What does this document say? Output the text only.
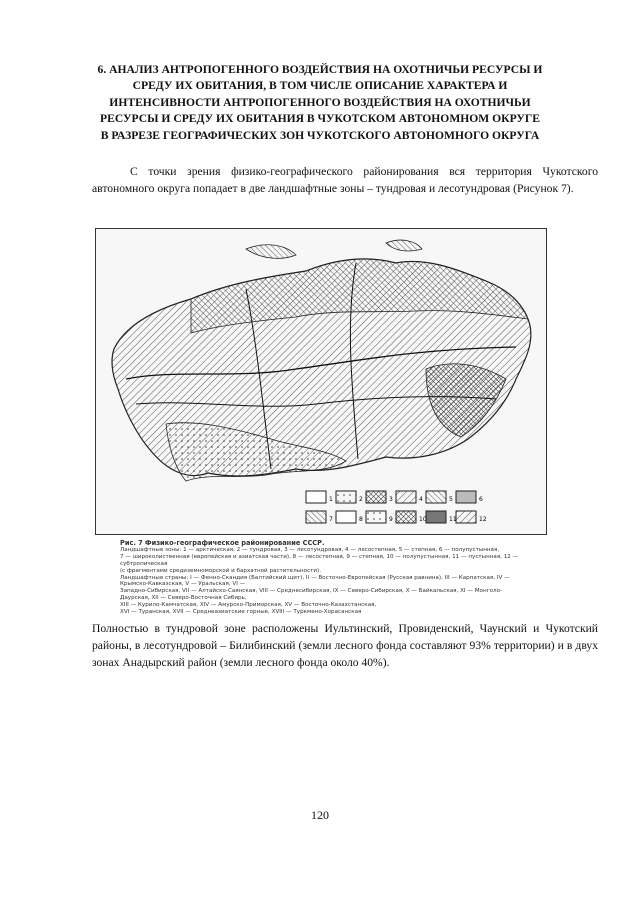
6. АНАЛИЗ АНТРОПОГЕННОГО ВОЗДЕЙСТВИЯ НА ОХОТНИЧЬИ РЕСУРСЫ И
СРЕДУ ИХ ОБИТАНИЯ, В ТОМ ЧИСЛЕ ОПИСАНИЕ ХАРАКТЕРА И
ИНТЕНСИВНОСТИ АНТРОПОГЕННОГО ВОЗДЕЙСТВИЯ НА ОХОТНИЧЬИ
РЕСУРСЫ И СРЕДУ ИХ ОБИТАНИЯ В ЧУКОТСКОМ АВТОНОМНОМ ОКРУГЕ
В РАЗРЕЗЕ ГЕОГРАФИЧЕСКИХ ЗОН ЧУКОТСКОГО АВТОНОМНОГО ОКРУГА
С точки зрения физико-географического районирования вся территория Чукотского автономного округа попадает в две ландшафтные зоны – тундровая и лесотундровая (Рисунок 7).
1	2	3	4	5	6
7	8	9	10	11	12
Рис. 7 Физико-географическое районирование СССР.
Ландшафтные зоны: 1 — арктическая, 2 — тундровая, 3 — лесотундровая, 4 — лесостепная, 5 — степная, 6 — полупустынная,
7 — широколиственная (европейская и азиатская части), 8 — лесостепная, 9 — степная, 10 — полупустынная, 11 — пустынная, 12 — субтропическая
(с фрагментами средиземноморской и бархатной растительности).
Ландшафтные страны: I — Фенно-Скандия (Балтийский щит), II — Восточно-Европейская (Русская равнина), III — Карпатская, IV — Крымско-Кавказская, V — Уральская, VI —
Западно-Сибирская, VII — Алтайско-Саянская, VIII — Среднесибирская, IX — Северо-Сибирская, X — Байкальская, XI — Монголо-Даурская, XII — Северо-Восточная Сибирь,
XIII — Курило-Камчатская, XIV — Амурско-Приморская, XV — Восточно-Казахстанская,
XVI — Туранская, XVII — Среднеазиатские горные, XVIII — Туркмено-Хорасанская
Полностью в тундровой зоне расположены Иультинский, Провиденский, Чаунский и Чукотский районы, в лесотундровой – Билибинский (земли лесного фонда составляют 93% территории) и в двух зонах Анадырский район (земли лесного фонда около 40%).
120
